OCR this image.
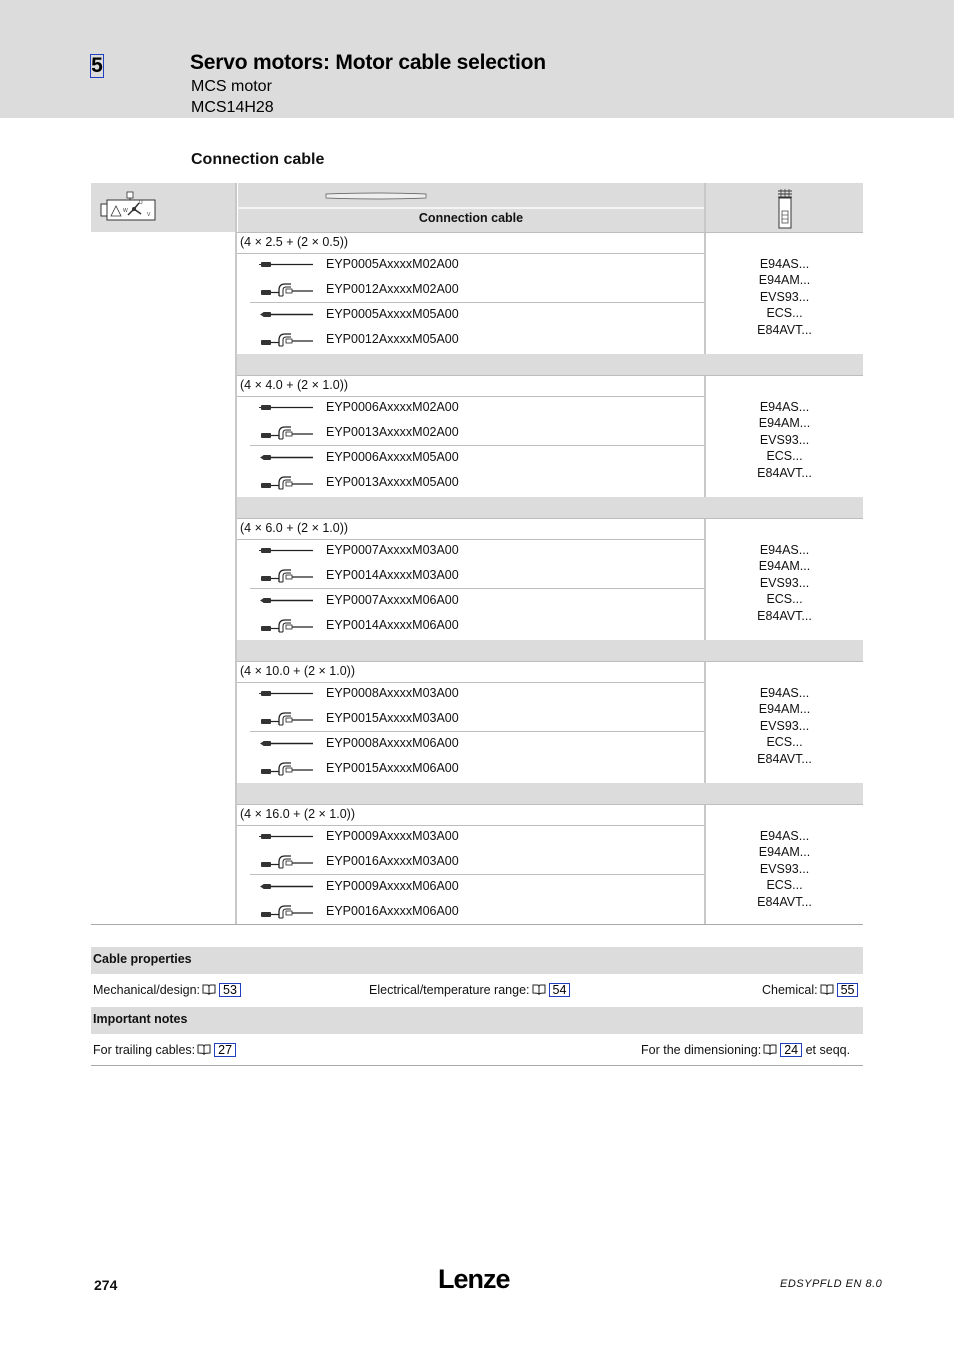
5	Servo motors: Motor cable selection
MCS motor
MCS14H28
Connection cable
W
U
V	Connection cable
(4 × 2.5 + (2 × 0.5))
EYP0005AxxxxM02A00
EYP0012AxxxxM02A00
EYP0005AxxxxM05A00
EYP0012AxxxxM05A00
E94AS...
E94AM...
EVS93...
ECS...
E84AVT...
(4 × 4.0 + (2 × 1.0))
EYP0006AxxxxM02A00
EYP0013AxxxxM02A00
EYP0006AxxxxM05A00
EYP0013AxxxxM05A00
E94AS...
E94AM...
EVS93...
ECS...
E84AVT...
(4 × 6.0 + (2 × 1.0))
EYP0007AxxxxM03A00
EYP0014AxxxxM03A00
EYP0007AxxxxM06A00
EYP0014AxxxxM06A00
E94AS...
E94AM...
EVS93...
ECS...
E84AVT...
(4 × 10.0 + (2 × 1.0))
EYP0008AxxxxM03A00
EYP0015AxxxxM03A00
EYP0008AxxxxM06A00
EYP0015AxxxxM06A00
E94AS...
E94AM...
EVS93...
ECS...
E84AVT...
(4 × 16.0 + (2 × 1.0))
EYP0009AxxxxM03A00
EYP0016AxxxxM03A00
EYP0009AxxxxM06A00
EYP0016AxxxxM06A00
E94AS...
E94AM...
EVS93...
ECS...
E84AVT...
Cable properties
Mechanical/design: 53	Electrical/temperature range: 54	Chemical: 55
Important notes
For trailing cables: 27	For the dimensioning: 24 et seqq.
274	Lenze	EDSYPFLD EN 8.0
